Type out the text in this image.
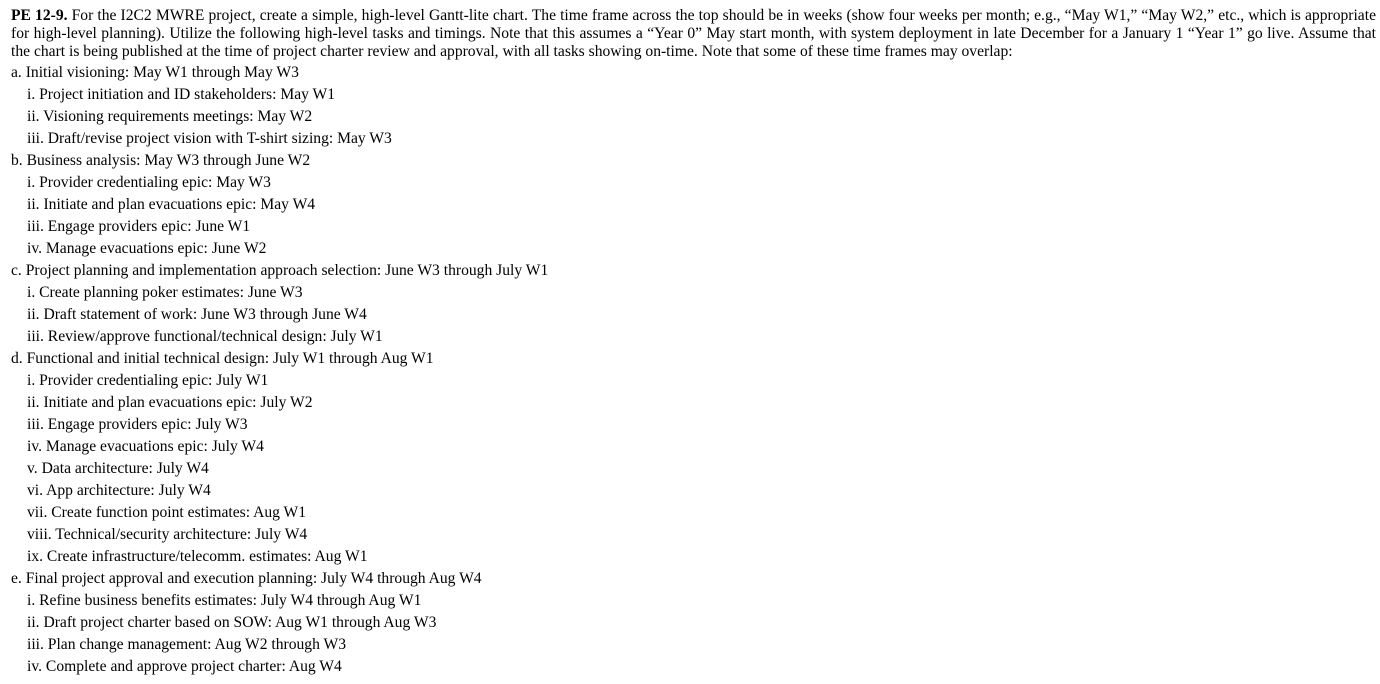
PE 12-9. For the I2C2 MWRE project, create a simple, high-level Gantt-lite chart. The time frame across the top should be in weeks (show four weeks per month; e.g., “May W1,” “May W2,” etc., which is appropriate for high-level planning). Utilize the following high-level tasks and timings. Note that this assumes a “Year 0” May start month, with system deployment in late December for a January 1 “Year 1” go live. Assume that the chart is being published at the time of project charter review and approval, with all tasks showing on-time. Note that some of these time frames may overlap:

a. Initial visioning: May W1 through May W3
i. Project initiation and ID stakeholders: May W1
ii. Visioning requirements meetings: May W2
iii. Draft/revise project vision with T-shirt sizing: May W3
b. Business analysis: May W3 through June W2
i. Provider credentialing epic: May W3
ii. Initiate and plan evacuations epic: May W4
iii. Engage providers epic: June W1
iv. Manage evacuations epic: June W2
c. Project planning and implementation approach selection: June W3 through July W1
i. Create planning poker estimates: June W3
ii. Draft statement of work: June W3 through June W4
iii. Review/approve functional/technical design: July W1
d. Functional and initial technical design: July W1 through Aug W1
i. Provider credentialing epic: July W1
ii. Initiate and plan evacuations epic: July W2
iii. Engage providers epic: July W3
iv. Manage evacuations epic: July W4
v. Data architecture: July W4
vi. App architecture: July W4
vii. Create function point estimates: Aug W1
viii. Technical/security architecture: July W4
ix. Create infrastructure/telecomm. estimates: Aug W1
e. Final project approval and execution planning: July W4 through Aug W4
i. Refine business benefits estimates: July W4 through Aug W1
ii. Draft project charter based on SOW: Aug W1 through Aug W3
iii. Plan change management: Aug W2 through W3
iv. Complete and approve project charter: Aug W4
